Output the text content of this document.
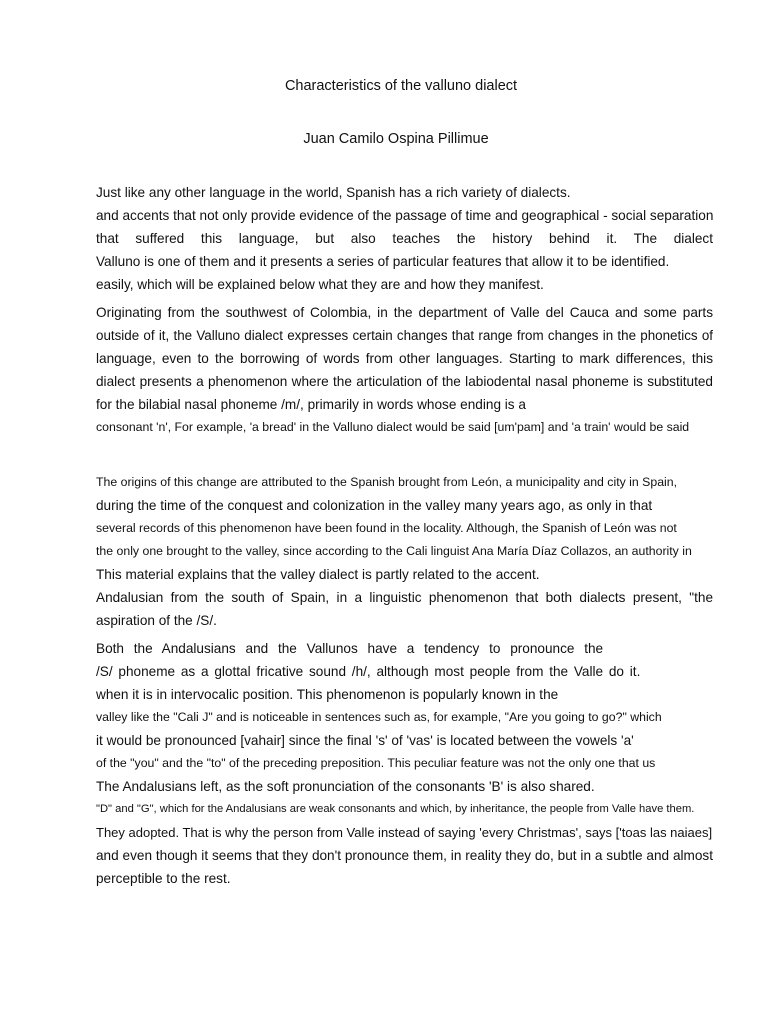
Characteristics of the valluno dialect
Juan Camilo Ospina Pillimue
Just like any other language in the world, Spanish has a rich variety of dialects.
and accents that not only provide evidence of the passage of time and geographical - social separation
that suffered this language, but also teaches the history behind it. The dialect
Valluno is one of them and it presents a series of particular features that allow it to be identified.
easily, which will be explained below what they are and how they manifest.
Originating from the southwest of Colombia, in the department of Valle del Cauca and some parts
outside of it, the Valluno dialect expresses certain changes that range from changes in the phonetics of
language, even to the borrowing of words from other languages. Starting to mark differences, this
dialect presents a phenomenon where the articulation of the labiodental nasal phoneme is substituted
for the bilabial nasal phoneme /m/, primarily in words whose ending is a
consonant 'n', For example, 'a bread' in the Valluno dialect would be said [um'pam] and 'a train' would be said
The origins of this change are attributed to the Spanish brought from León, a municipality and city in Spain,
during the time of the conquest and colonization in the valley many years ago, as only in that
several records of this phenomenon have been found in the locality. Although, the Spanish of León was not
the only one brought to the valley, since according to the Cali linguist Ana María Díaz Collazos, an authority in
This material explains that the valley dialect is partly related to the accent.
Andalusian from the south of Spain, in a linguistic phenomenon that both dialects present, "the
aspiration of the /S/.
Both the Andalusians and the Vallunos have a tendency to pronounce the
/S/ phoneme as a glottal fricative sound /h/, although most people from the Valle do it.
when it is in intervocalic position. This phenomenon is popularly known in the
valley like the "Cali J" and is noticeable in sentences such as, for example, "Are you going to go?" which
it would be pronounced [vahair] since the final 's' of 'vas' is located between the vowels 'a'
of the "you" and the "to" of the preceding preposition. This peculiar feature was not the only one that us
The Andalusians left, as the soft pronunciation of the consonants 'B' is also shared.
"D" and "G", which for the Andalusians are weak consonants and which, by inheritance, the people from Valle have them.
They adopted. That is why the person from Valle instead of saying 'every Christmas', says ['toas las naiaes]
and even though it seems that they don't pronounce them, in reality they do, but in a subtle and almost
perceptible to the rest.
